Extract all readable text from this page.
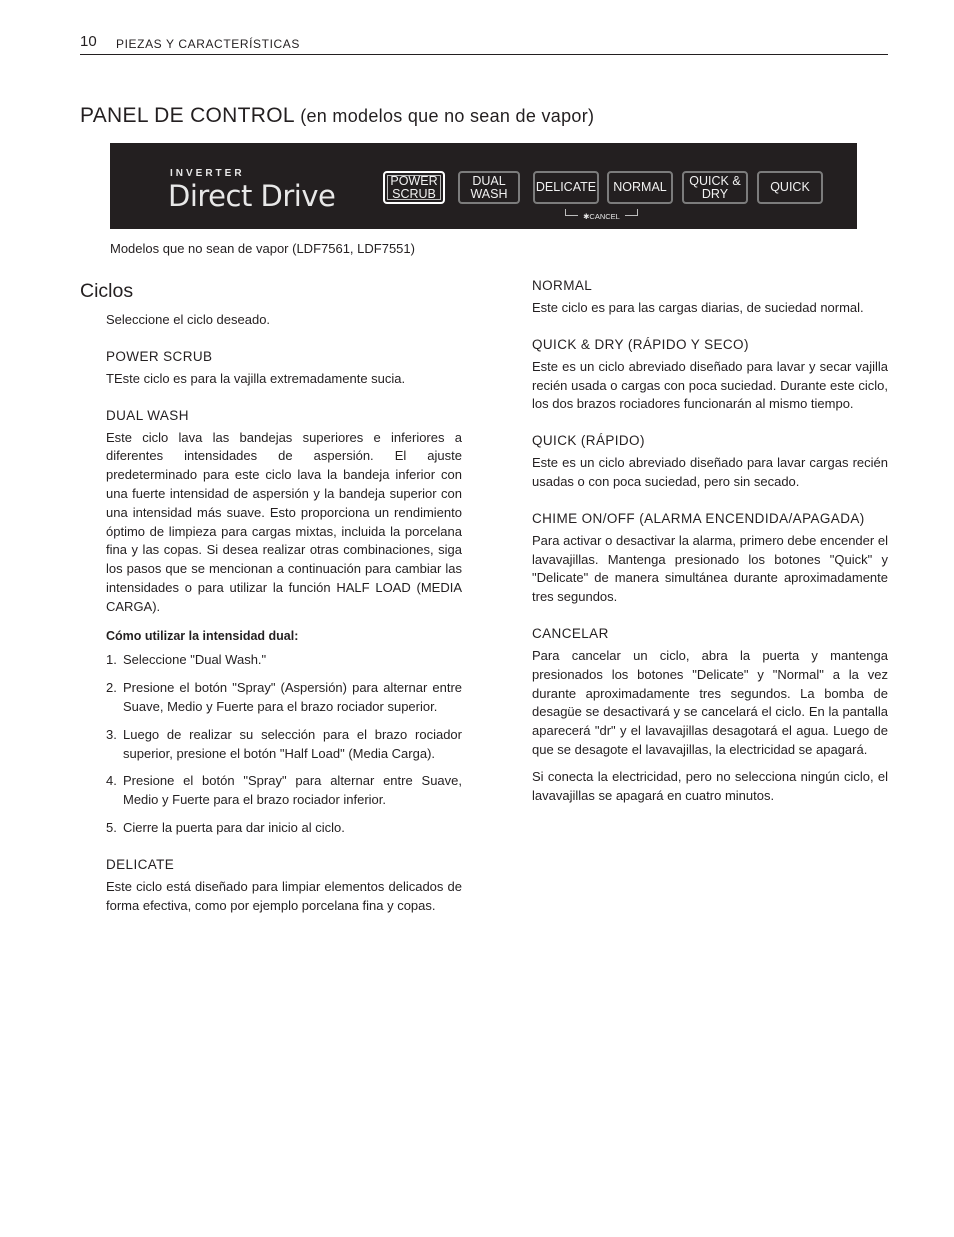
10 PIEZAS Y CARACTERÍSTICAS
PANEL DE CONTROL (en modelos que no sean de vapor)
INVERTER
Direct Drive	POWER SCRUB
DUAL WASH	DELICATE	NORMAL	QUICK & DRY	QUICK
✱CANCEL
Modelos que no sean de vapor (LDF7561, LDF7551)
Ciclos

Seleccione el ciclo deseado.

POWER SCRUB

TEste ciclo es para la vajilla extremadamente sucia.

DUAL WASH

Este ciclo lava las bandejas superiores e inferiores a diferentes intensidades de aspersión. El ajuste predeterminado para este ciclo lava la bandeja inferior con una fuerte intensidad de aspersión y la bandeja superior con una intensidad más suave. Esto proporciona un rendimiento óptimo de limpieza para cargas mixtas, incluida la porcelana fina y las copas. Si desea realizar otras combinaciones, siga los pasos que se mencionan a continuación para cambiar las intensidades o para utilizar la función HALF LOAD (MEDIA CARGA).

Cómo utilizar la intensidad dual:

1. Seleccione "Dual Wash."
2. Presione el botón "Spray" (Aspersión) para alternar entre Suave, Medio y Fuerte para el brazo rociador superior.
3. Luego de realizar su selección para el brazo rociador superior, presione el botón "Half Load" (Media Carga).
4. Presione el botón "Spray" para alternar entre Suave, Medio y Fuerte para el brazo rociador inferior.
5. Cierre la puerta para dar inicio al ciclo.
DELICATE

Este ciclo está diseñado para limpiar elementos delicados de forma efectiva, como por ejemplo porcelana fina y copas.

NORMAL

Este ciclo es para las cargas diarias, de suciedad normal.

QUICK & DRY (RÁPIDO Y SECO)

Este es un ciclo abreviado diseñado para lavar y secar vajilla recién usada o cargas con poca suciedad. Durante este ciclo, los dos brazos rociadores funcionarán al mismo tiempo.

QUICK (RÁPIDO)

Este es un ciclo abreviado diseñado para lavar cargas recién usadas o con poca suciedad, pero sin secado.

CHIME ON/OFF (ALARMA ENCENDIDA/APAGADA)

Para activar o desactivar la alarma, primero debe encender el lavavajillas. Mantenga presionado los botones "Quick" y "Delicate" de manera simultánea durante aproximadamente tres segundos.

CANCELAR

Para cancelar un ciclo, abra la puerta y mantenga presionados los botones "Delicate" y "Normal" a la vez durante aproximadamente tres segundos. La bomba de desagüe se desactivará y se cancelará el ciclo. En la pantalla aparecerá "dr" y el lavavajillas desagotará el agua. Luego de que se desagote el lavavajillas, la electricidad se apagará.

Si conecta la electricidad, pero no selecciona ningún ciclo, el lavavajillas se apagará en cuatro minutos.
